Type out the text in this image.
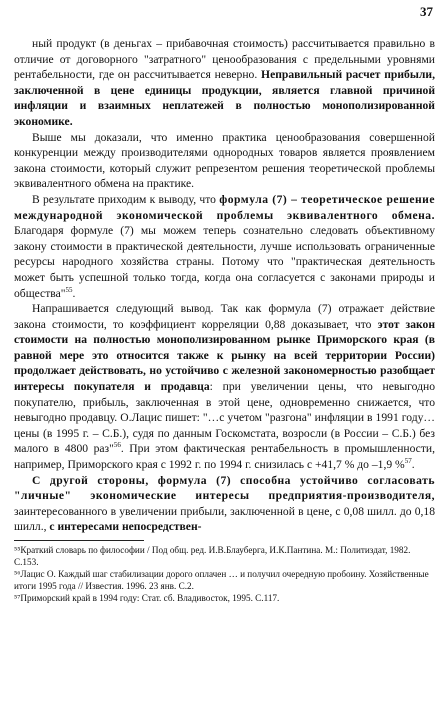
37

ный продукт (в деньгах – прибавочная стоимость) рассчитывается правильно в отличие от договорного "затратного" ценообразования с предельными уровнями рентабельности, где он рассчитывается неверно. Неправильный расчет прибыли, заключенной в цене единицы продукции, является главной причиной инфляции и взаимных неплатежей в полностью монополизированной экономике.

Выше мы доказали, что именно практика ценообразования совершенной конкуренции между производителями однородных товаров является проявлением закона стоимости, который служит репрезентом решения теоретической проблемы эквивалентного обмена на практике.

В результате приходим к выводу, что формула (7) – теоретическое решение международной экономической проблемы эквивалентного обмена. Благодаря формуле (7) мы можем теперь сознательно следовать объективному закону стоимости в практической деятельности, лучше использовать ограниченные ресурсы народного хозяйства страны. Потому что "практическая деятельность может быть успешной только тогда, когда она согласуется с законами природы и общества"$^{55}$.

Напрашивается следующий вывод. Так как формула (7) отражает действие закона стоимости, то коэффициент корреляции 0,88 доказывает, что этот закон стоимости на полностью монополизированном рынке Приморского края (в равной мере это относится также к рынку на всей территории России) продолжает действовать, но устойчиво с железной закономерностью разобщает интересы покупателя и продавца: при увеличении цены, что невыгодно покупателю, прибыль, заключенная в этой цене, одновременно снижается, что невыгодно продавцу. О.Лацис пишет: "…с учетом "разгона" инфляции в 1991 году…цены (в 1995 г. – С.Б.), судя по данным Госкомстата, возросли (в России – С.Б.) без малого в 4800 раз"$^{56}$. При этом фактическая рентабельность в промышленности, например, Приморского края с 1992 г. по 1994 г. снизилась с +41,7 % до –1,9 %$^{57}$.

С другой стороны, формула (7) способна устойчиво согласовать "личные" экономические интересы предприятия-производителя, заинтересованного в увеличении прибыли, заключенной в цене, с 0,08 шилл. до 0,18 шилл., с интересами непосредствен-

⁵⁵Краткий словарь по философии / Под общ. ред. И.В.Блауберга, И.К.Пантина. М.: Политиздат, 1982. С.153.

⁵⁶Лацис О. Каждый шаг стабилизации дорого оплачен … и получил очередную пробоину. Хозяйственные итоги 1995 года // Известия. 1996. 23 янв. С.2.

⁵⁷Приморский край в 1994 году: Стат. сб. Владивосток, 1995. С.117.
